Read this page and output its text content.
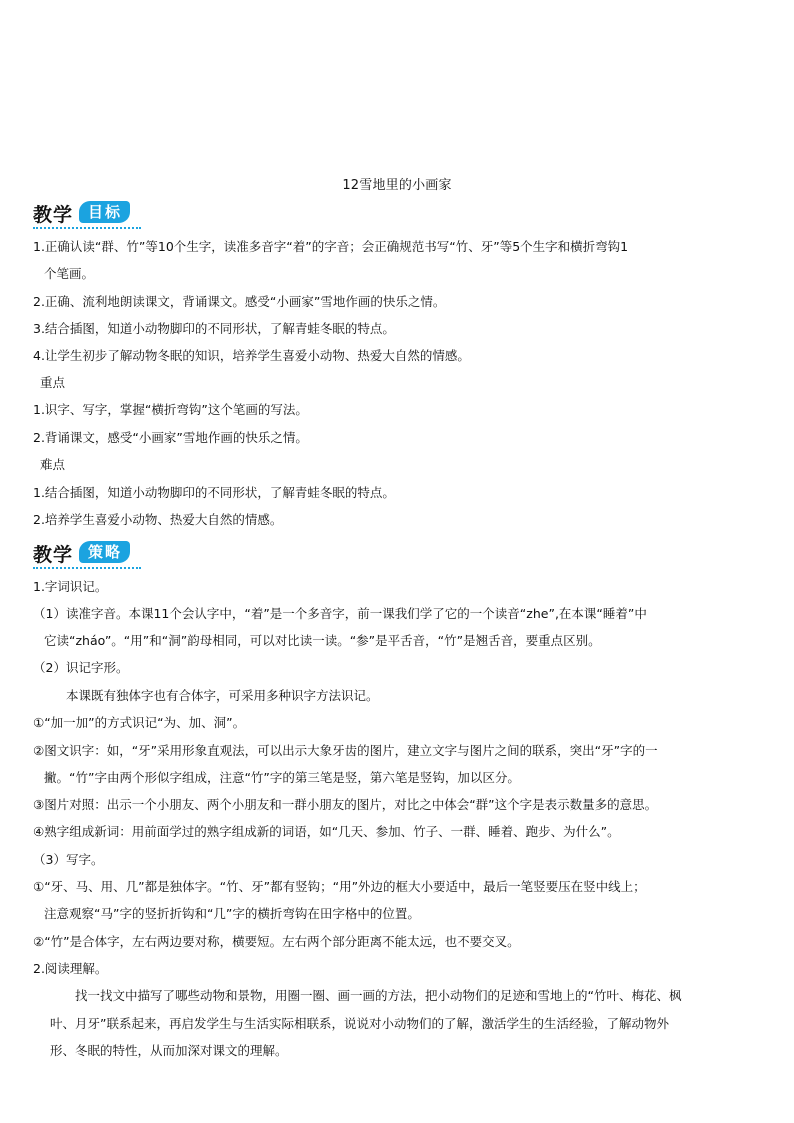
12雪地里的小画家
教学 目标
1.正确认读“群、竹”等10个生字，读准多音字“着”的字音；会正确规范书写“竹、牙”等5个生字和横折弯钩1
个笔画。
2.正确、流利地朗读课文，背诵课文。感受“小画家”雪地作画的快乐之情。
3.结合插图，知道小动物脚印的不同形状，了解青蛙冬眠的特点。
4.让学生初步了解动物冬眠的知识，培养学生喜爱小动物、热爱大自然的情感。
重点
1.识字、写字，掌握“横折弯钩”这个笔画的写法。
2.背诵课文，感受“小画家”雪地作画的快乐之情。
难点
1.结合插图，知道小动物脚印的不同形状，了解青蛙冬眠的特点。
2.培养学生喜爱小动物、热爱大自然的情感。
教学 策略
1.字词识记。
（1）读准字音。本课11个会认字中，“着”是一个多音字，前一课我们学了它的一个读音“zhe”,在本课“睡着”中
它读“zháo”。“用”和“洞”韵母相同，可以对比读一读。“参”是平舌音，“竹”是翘舌音，要重点区别。
（2）识记字形。
本课既有独体字也有合体字，可采用多种识字方法识记。
①“加一加”的方式识记“为、加、洞”。
②图文识字：如，“牙”采用形象直观法，可以出示大象牙齿的图片，建立文字与图片之间的联系，突出“牙”字的一
撇。“竹”字由两个形似字组成，注意“竹”字的第三笔是竖，第六笔是竖钩，加以区分。
③图片对照：出示一个小朋友、两个小朋友和一群小朋友的图片，对比之中体会“群”这个字是表示数量多的意思。
④熟字组成新词：用前面学过的熟字组成新的词语，如“几天、参加、竹子、一群、睡着、跑步、为什么”。
（3）写字。
①“牙、马、用、几”都是独体字。“竹、牙”都有竖钩；“用”外边的框大小要适中，最后一笔竖要压在竖中线上；
注意观察“马”字的竖折折钩和“几”字的横折弯钩在田字格中的位置。
②“竹”是合体字，左右两边要对称，横要短。左右两个部分距离不能太远，也不要交叉。
2.阅读理解。
找一找文中描写了哪些动物和景物，用圈一圈、画一画的方法，把小动物们的足迹和雪地上的“竹叶、梅花、枫
叶、月牙”联系起来，再启发学生与生活实际相联系，说说对小动物们的了解，激活学生的生活经验，了解动物外
形、冬眠的特性，从而加深对课文的理解。
